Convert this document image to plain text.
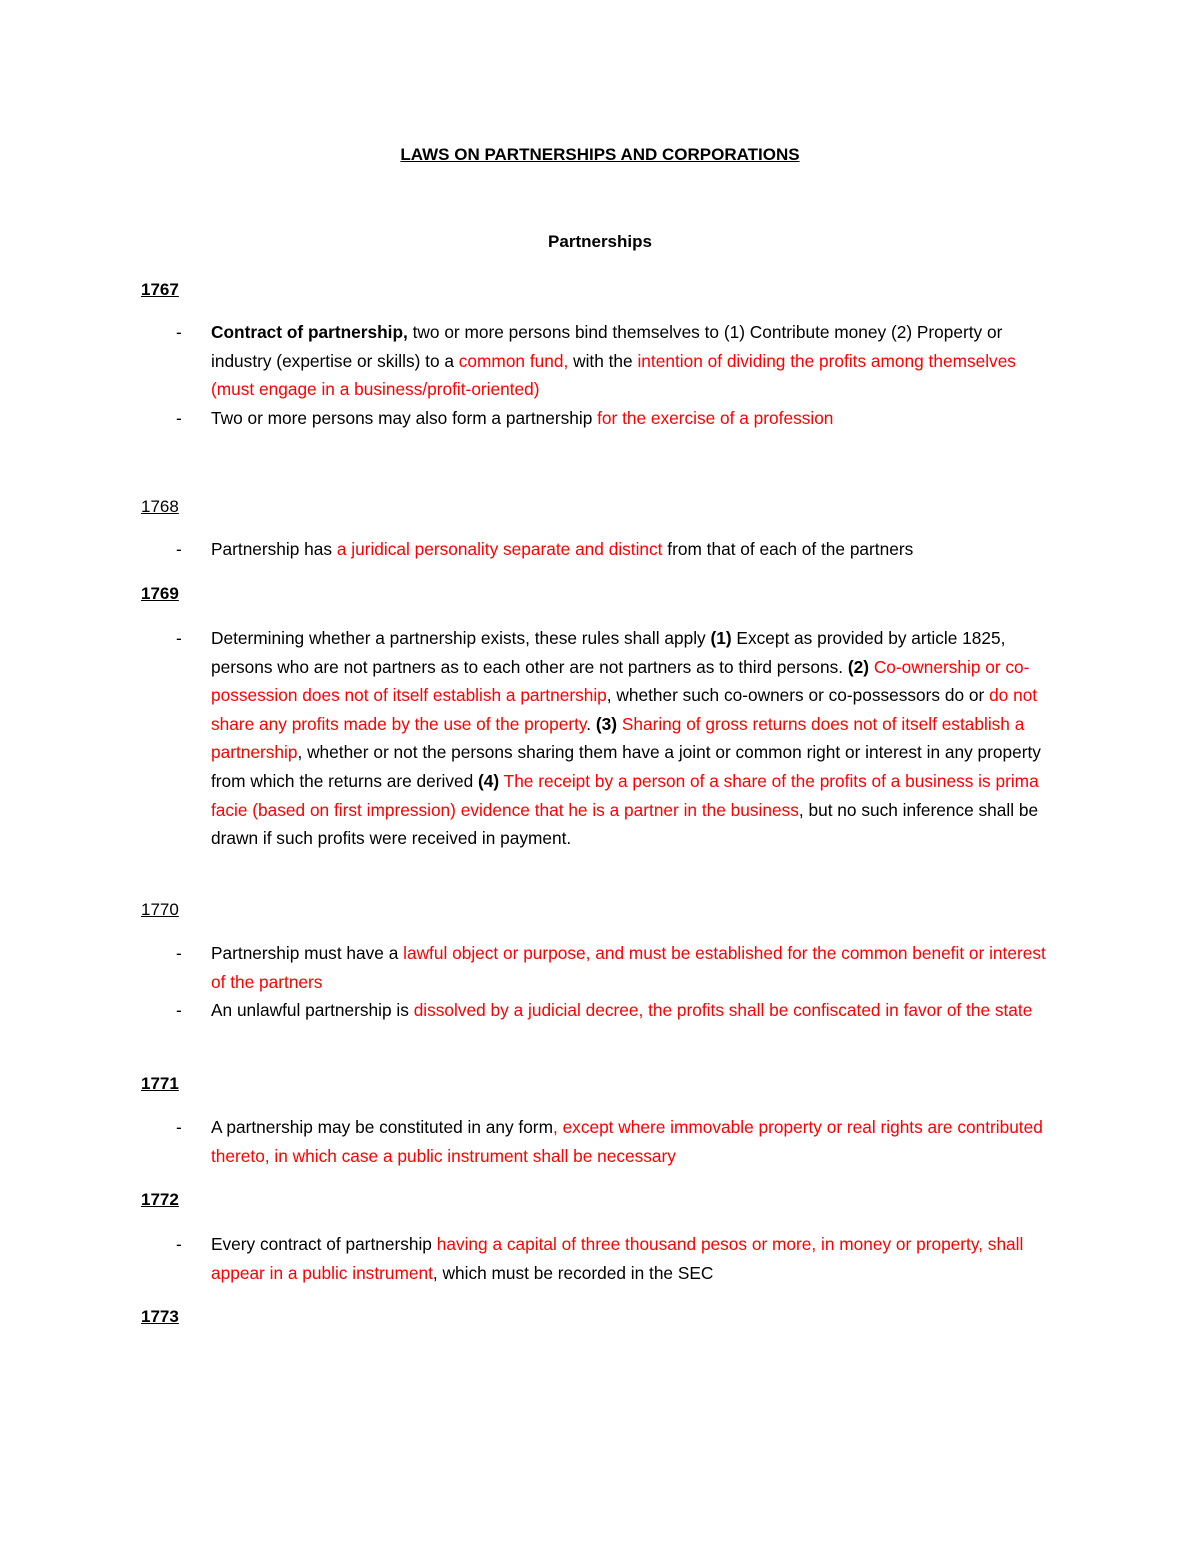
LAWS ON PARTNERSHIPS AND CORPORATIONS
Partnerships
1767
- Contract of partnership, two or more persons bind themselves to (1) Contribute money (2) Property or industry (expertise or skills) to a common fund, with the intention of dividing the profits among themselves (must engage in a business/profit-oriented)
- Two or more persons may also form a partnership for the exercise of a profession
1768
- Partnership has a juridical personality separate and distinct from that of each of the partners
1769
- Determining whether a partnership exists, these rules shall apply (1) Except as provided by article 1825, persons who are not partners as to each other are not partners as to third persons. (2) Co-ownership or co-possession does not of itself establish a partnership, whether such co-owners or co-possessors do or do not share any profits made by the use of the property. (3) Sharing of gross returns does not of itself establish a partnership, whether or not the persons sharing them have a joint or common right or interest in any property from which the returns are derived (4) The receipt by a person of a share of the profits of a business is prima facie (based on first impression) evidence that he is a partner in the business, but no such inference shall be drawn if such profits were received in payment.
1770
- Partnership must have a lawful object or purpose, and must be established for the common benefit or interest of the partners
- An unlawful partnership is dissolved by a judicial decree, the profits shall be confiscated in favor of the state
1771
- A partnership may be constituted in any form, except where immovable property or real rights are contributed thereto, in which case a public instrument shall be necessary
1772
- Every contract of partnership having a capital of three thousand pesos or more, in money or property, shall appear in a public instrument, which must be recorded in the SEC
1773
